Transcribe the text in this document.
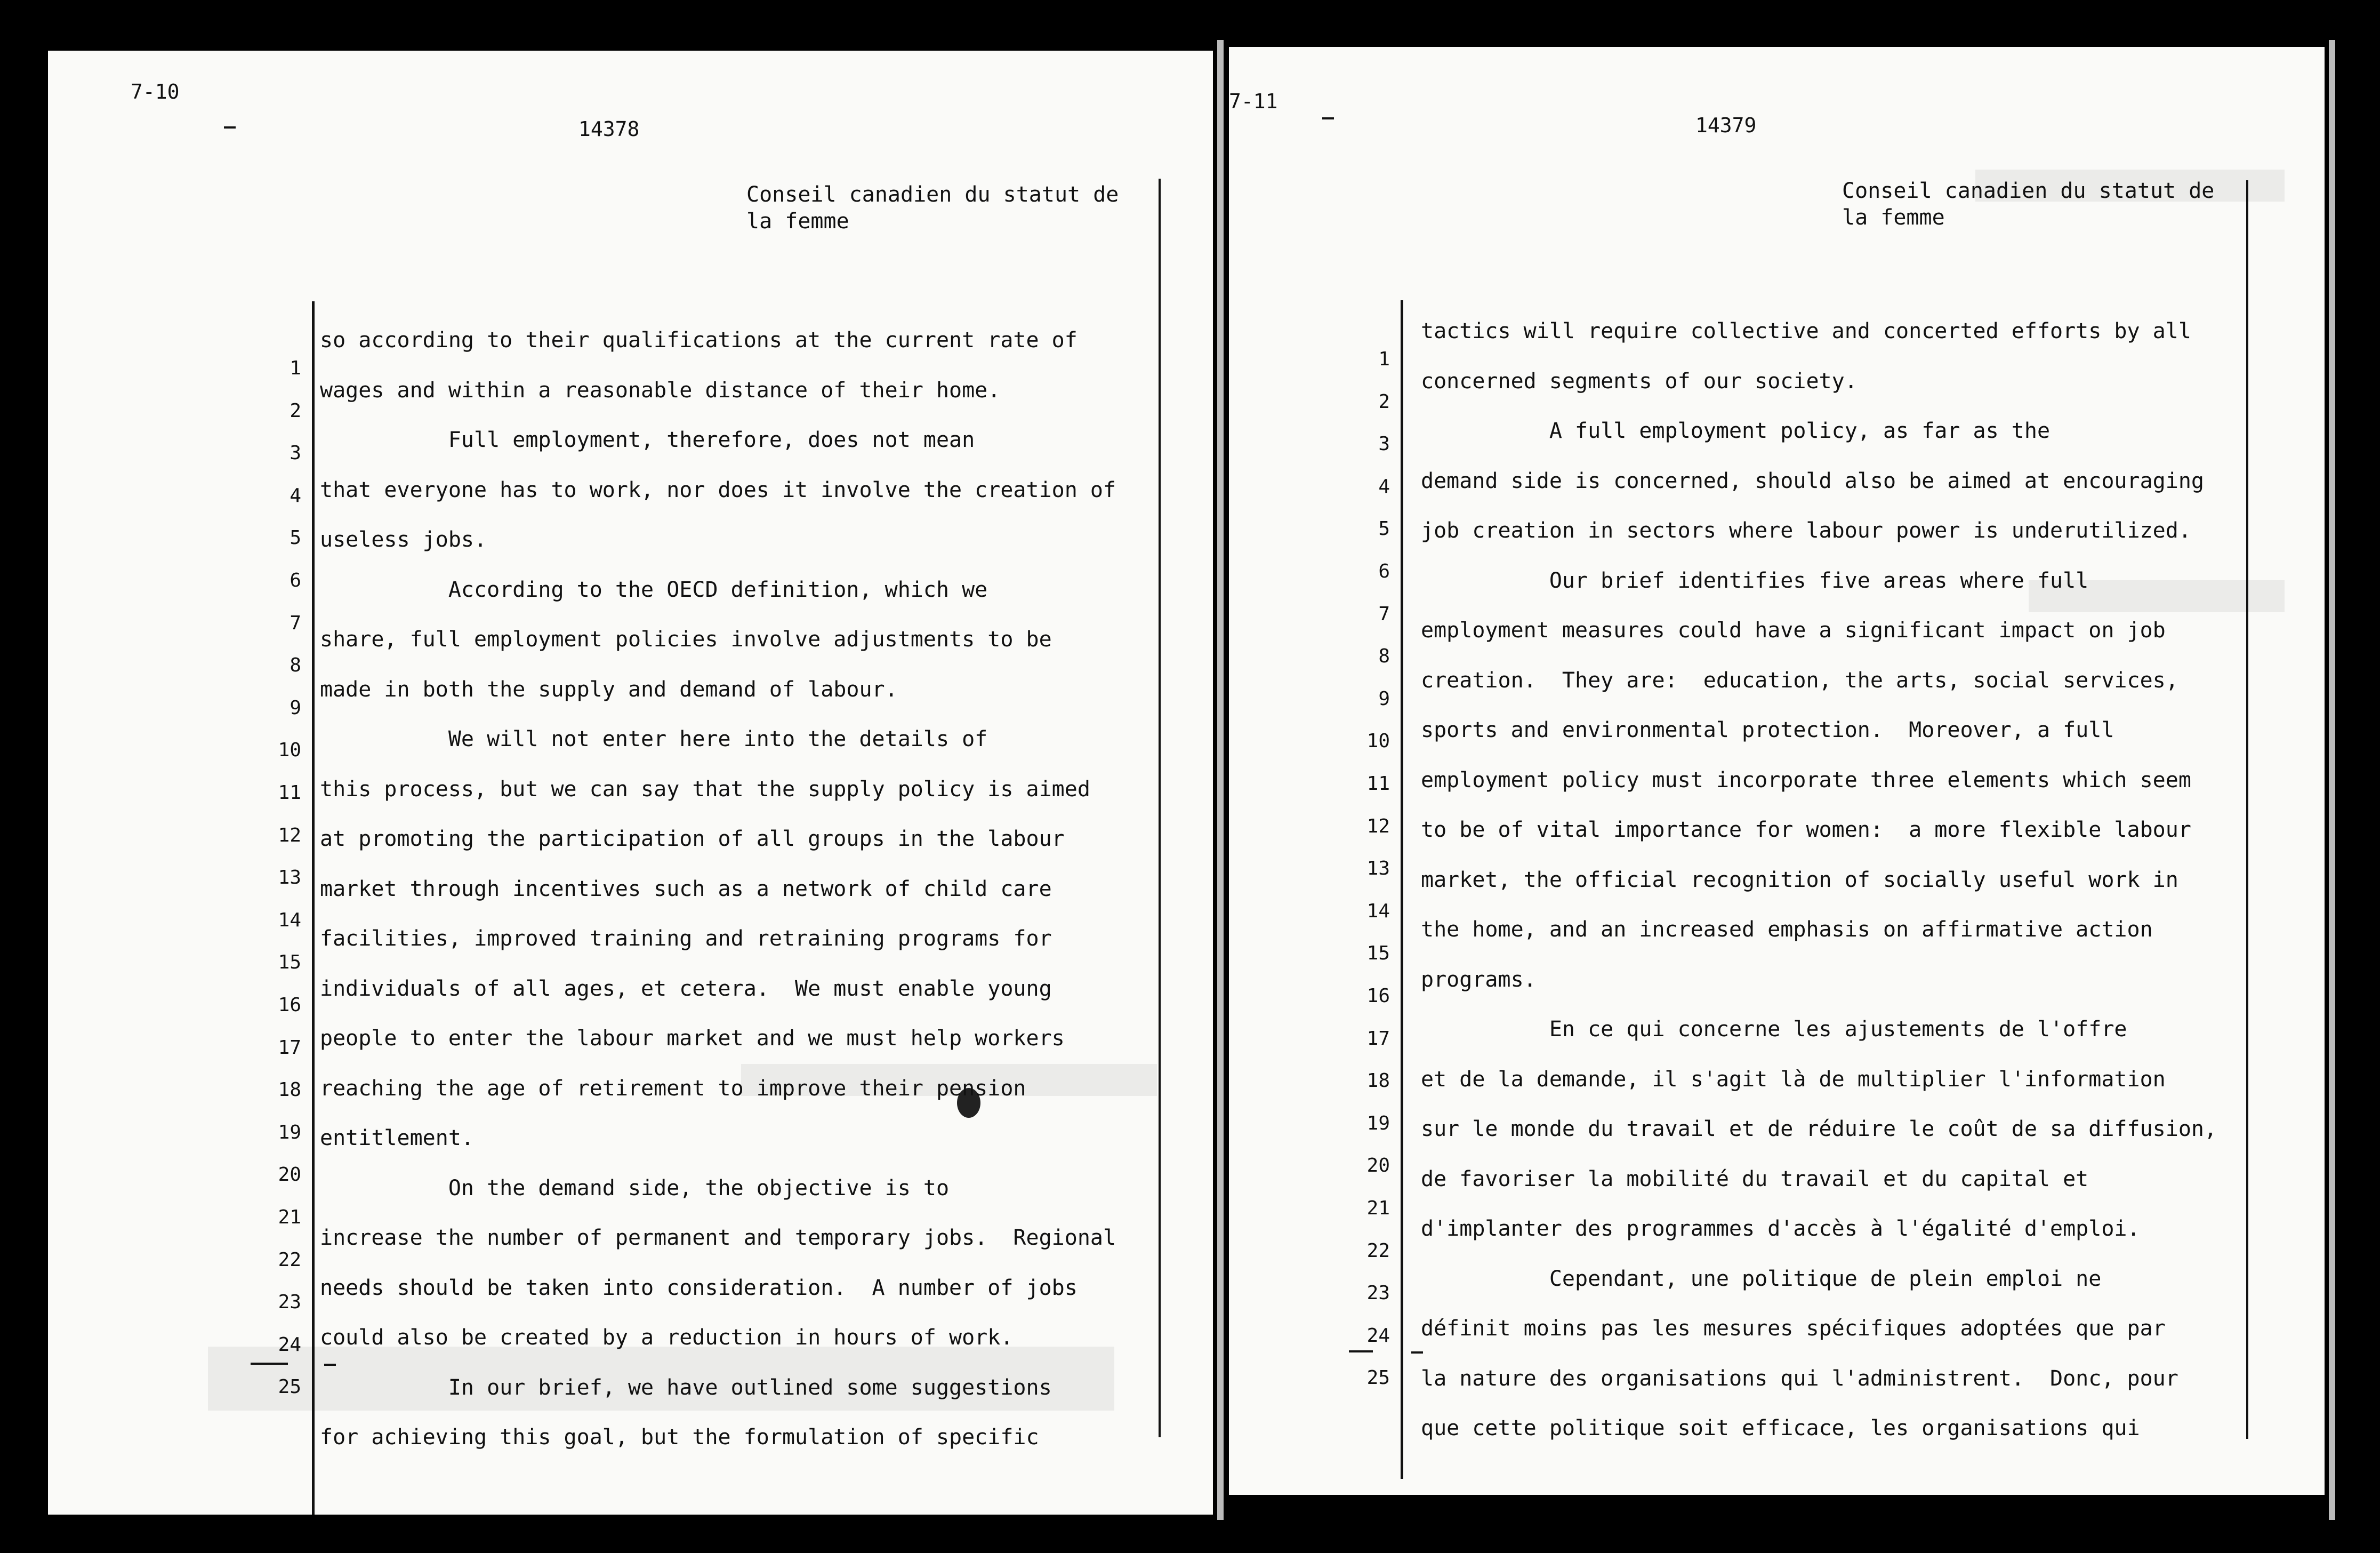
7-10
14378
Conseil canadien du statut de
la femme
so according to their qualifications at the current rate of
wages and within a reasonable distance of their home.
Full employment, therefore, does not mean
that everyone has to work, nor does it involve the creation of
useless jobs.
According to the OECD definition, which we
share, full employment policies involve adjustments to be
made in both the supply and demand of labour.
We will not enter here into the details of
this process, but we can say that the supply policy is aimed
at promoting the participation of all groups in the labour
market through incentives such as a network of child care
facilities, improved training and retraining programs for
individuals of all ages, et cetera.  We must enable young
people to enter the labour market and we must help workers
reaching the age of retirement to improve their pension
entitlement.
On the demand side, the objective is to
increase the number of permanent and temporary jobs.  Regional
needs should be taken into consideration.  A number of jobs
could also be created by a reduction in hours of work.
In our brief, we have outlined some suggestions
for achieving this goal, but the formulation of specific
1
2
3
4
5
6
7
8
9
10
11
12
13
14
15
16
17
18
19
20
21
22
23
24
25
7-11
14379
Conseil canadien du statut de
la femme
tactics will require collective and concerted efforts by all
concerned segments of our society.
A full employment policy, as far as the
demand side is concerned, should also be aimed at encouraging
job creation in sectors where labour power is underutilized.
Our brief identifies five areas where full
employment measures could have a significant impact on job
creation.  They are:  education, the arts, social services,
sports and environmental protection.  Moreover, a full
employment policy must incorporate three elements which seem
to be of vital importance for women:  a more flexible labour
market, the official recognition of socially useful work in
the home, and an increased emphasis on affirmative action
programs.
En ce qui concerne les ajustements de l'offre
et de la demande, il s'agit là de multiplier l'information
sur le monde du travail et de réduire le coût de sa diffusion,
de favoriser la mobilité du travail et du capital et
d'implanter des programmes d'accès à l'égalité d'emploi.
Cependant, une politique de plein emploi ne
définit moins pas les mesures spécifiques adoptées que par
la nature des organisations qui l'administrent.  Donc, pour
que cette politique soit efficace, les organisations qui
1
2
3
4
5
6
7
8
9
10
11
12
13
14
15
16
17
18
19
20
21
22
23
24
25
